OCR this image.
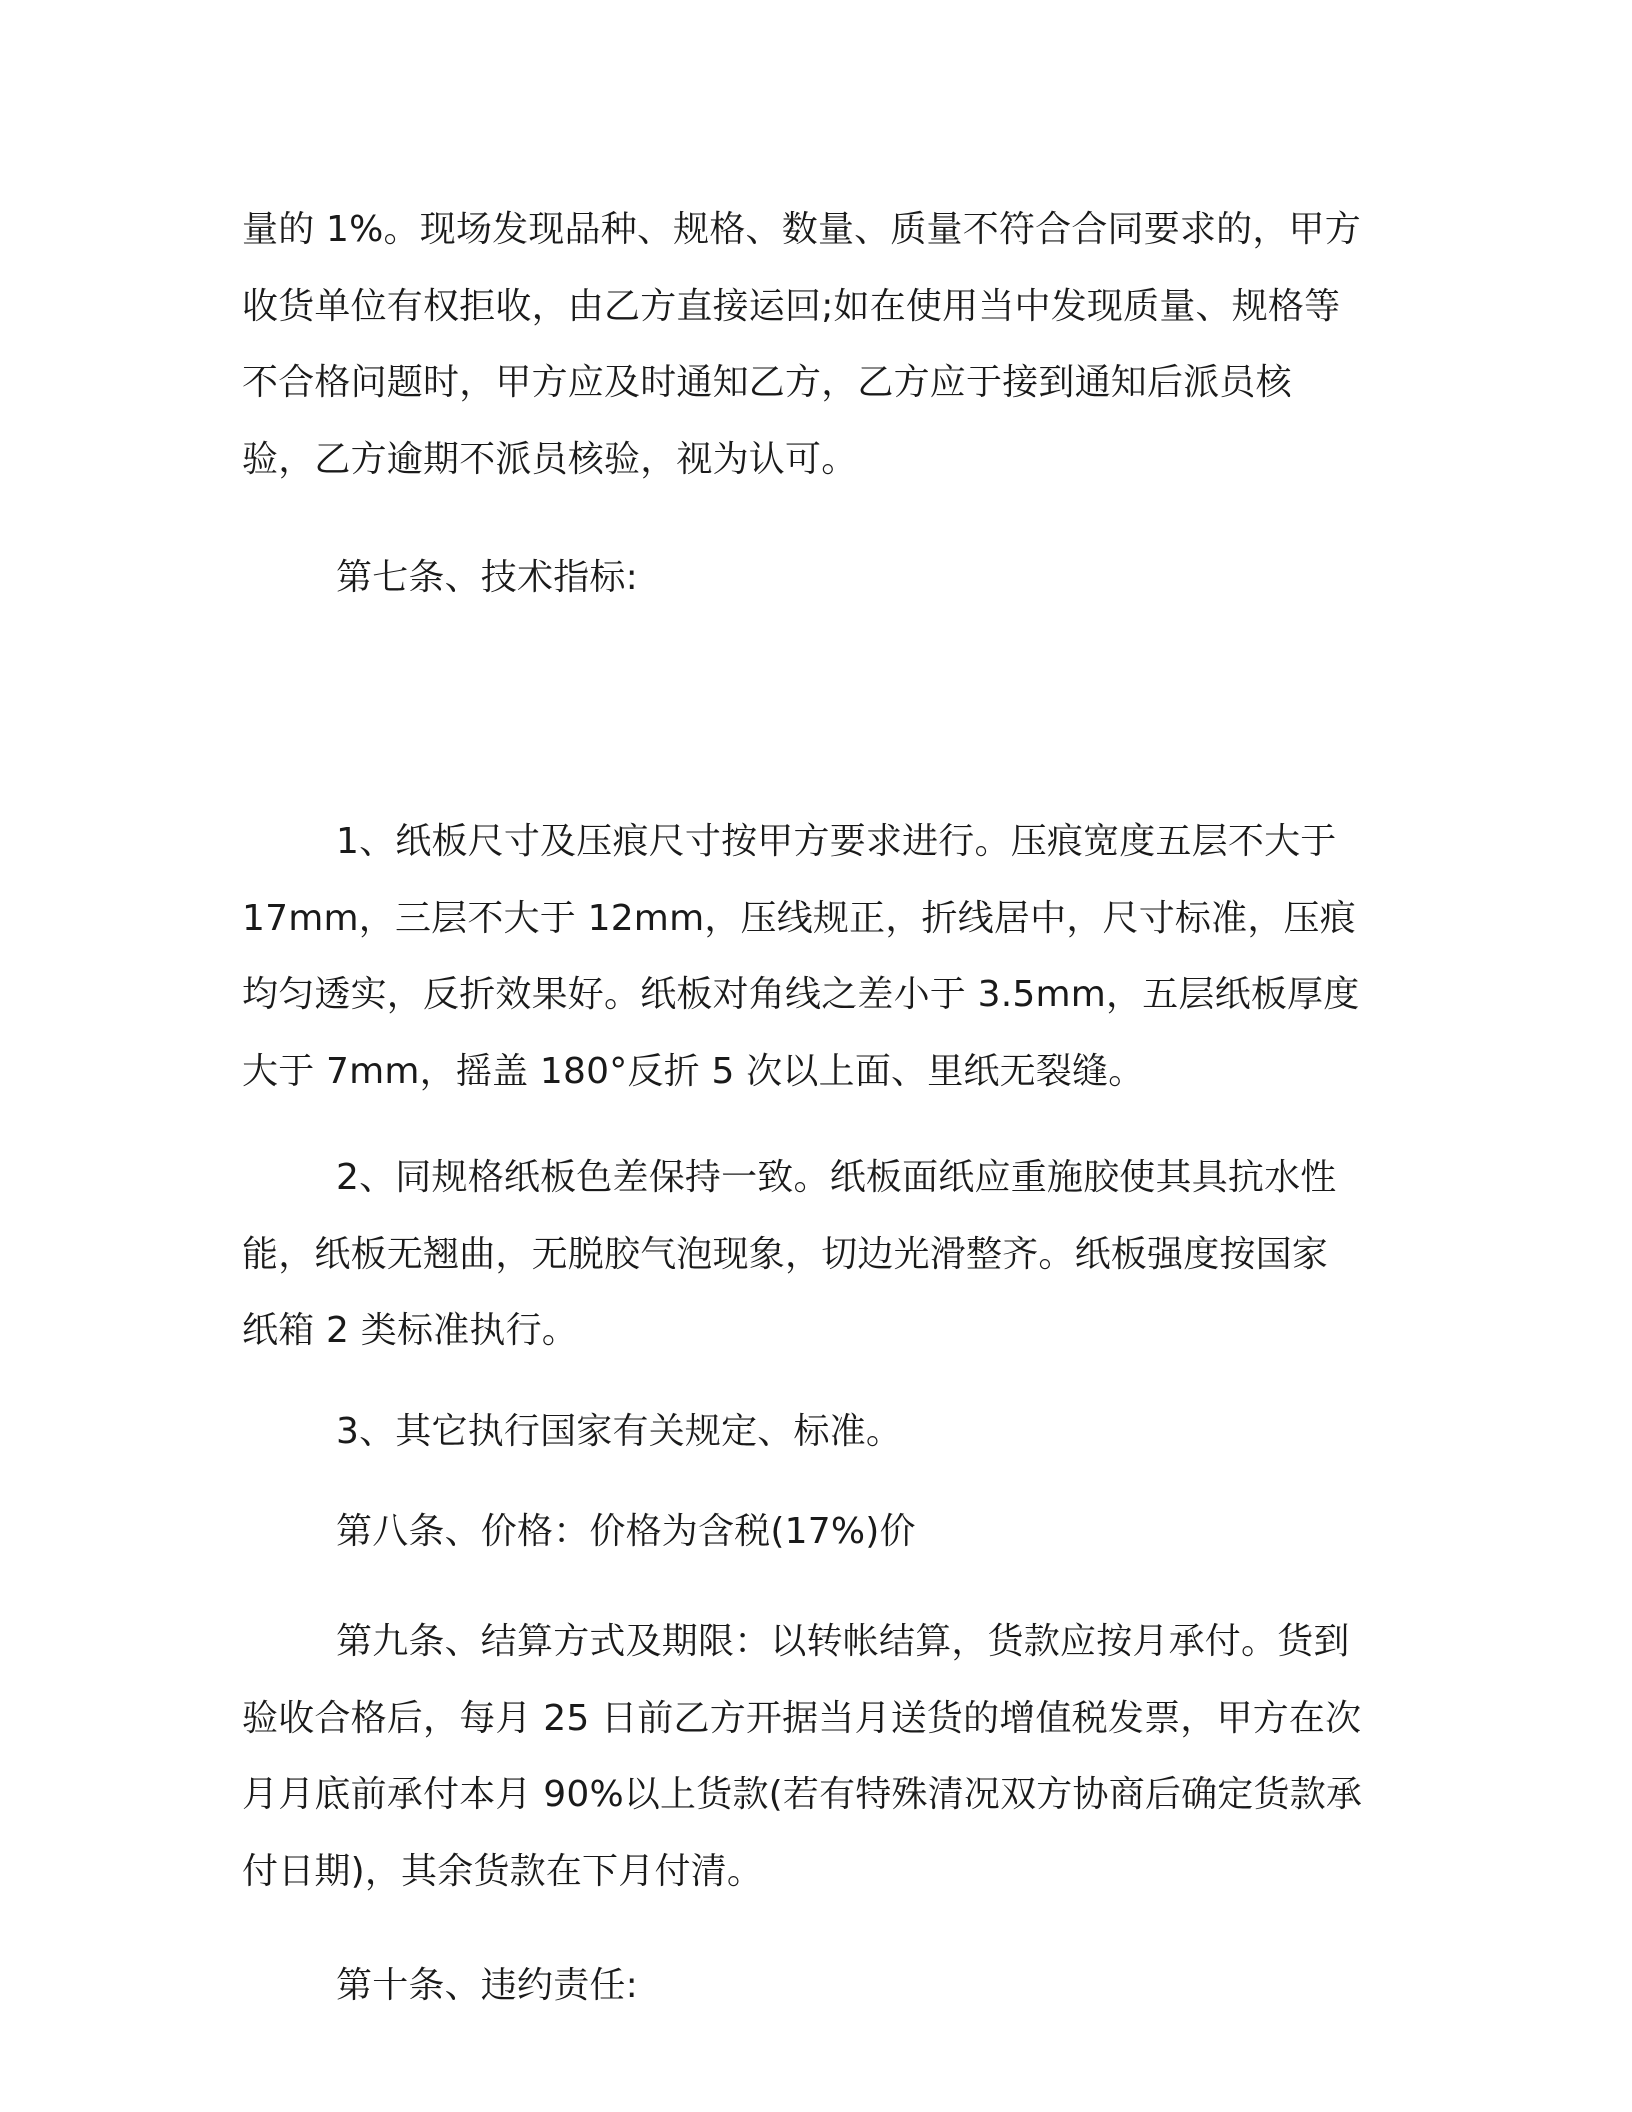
量的 1%。现场发现品种、规格、数量、质量不符合合同要求的，甲方
收货单位有权拒收，由乙方直接运回;如在使用当中发现质量、规格等
不合格问题时，甲方应及时通知乙方，乙方应于接到通知后派员核
验，乙方逾期不派员核验，视为认可。

第七条、技术指标:

1、纸板尺寸及压痕尺寸按甲方要求进行。压痕宽度五层不大于
17mm，三层不大于 12mm，压线规正，折线居中，尺寸标准，压痕
均匀透实，反折效果好。纸板对角线之差小于 3.5mm，五层纸板厚度
大于 7mm，摇盖 180°反折 5 次以上面、里纸无裂缝。

2、同规格纸板色差保持一致。纸板面纸应重施胶使其具抗水性
能，纸板无翘曲，无脱胶气泡现象，切边光滑整齐。纸板强度按国家
纸箱 2 类标准执行。

3、其它执行国家有关规定、标准。

第八条、价格：价格为含税(17%)价

第九条、结算方式及期限：以转帐结算，货款应按月承付。货到
验收合格后，每月 25 日前乙方开据当月送货的增值税发票，甲方在次
月月底前承付本月 90%以上货款(若有特殊清况双方协商后确定货款承
付日期)，其余货款在下月付清。

第十条、违约责任:
